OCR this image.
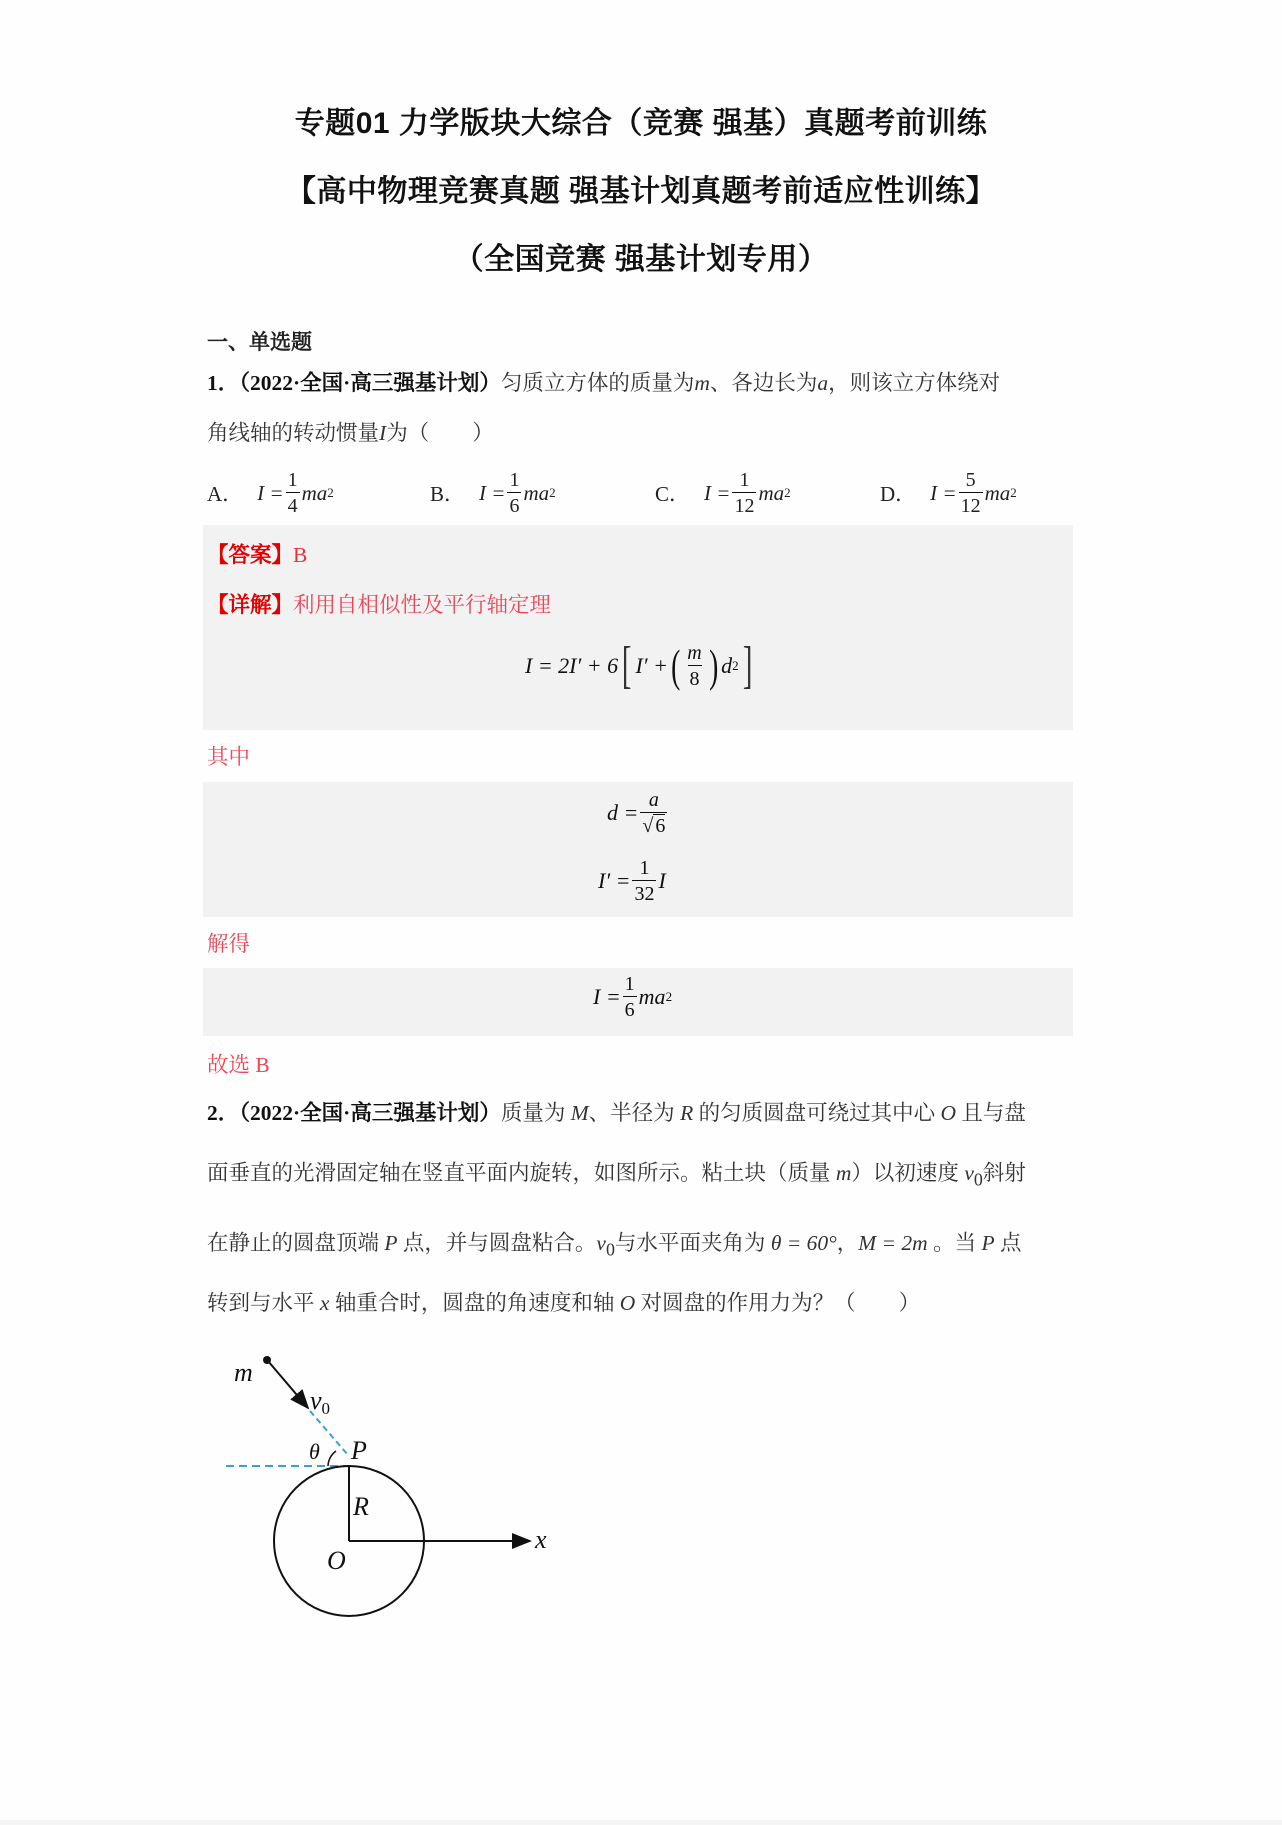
专题01 力学版块大综合（竞赛 强基）真题考前训练
【高中物理竞赛真题 强基计划真题考前适应性训练】
（全国竞赛 强基计划专用）
一、单选题
1．（2022·全国·高三强基计划）匀质立方体的质量为m、各边长为a，则该立方体绕对
角线轴的转动惯量I为（　　）
A． $I = \frac{1}{4}$ ma 2	B． $I = \frac{1}{6}$ ma 2	C． $I = \frac{1}{12}$ ma 2	D． $I = \frac{5}{12}$ ma 2
【答案】B
【详解】利用自相似性及平行轴定理
I = 2I′ + 6 [ I′ + ( $\frac{m}{8}$ ) d 2 ]
其中
$d = \frac{a}{√ 6}$
$I' = \frac{1}{32}$ I
解得
$I = \frac{1}{6}$ ma 2
故选 B
2．（2022·全国·高三强基计划）质量为 M、半径为 R 的匀质圆盘可绕过其中心 O 且与盘
面垂直的光滑固定轴在竖直平面内旋转，如图所示。粘土块（质量 m）以初速度 $v_0$斜射
在静止的圆盘顶端 P 点，并与圆盘粘合。$v_0$与水平面夹角为 θ = 60°，M = 2m 。当 P 点
转到与水平 x 轴重合时，圆盘的角速度和轴 O 对圆盘的作用力为？（　　）
m
v0
θ P
R
O
x
